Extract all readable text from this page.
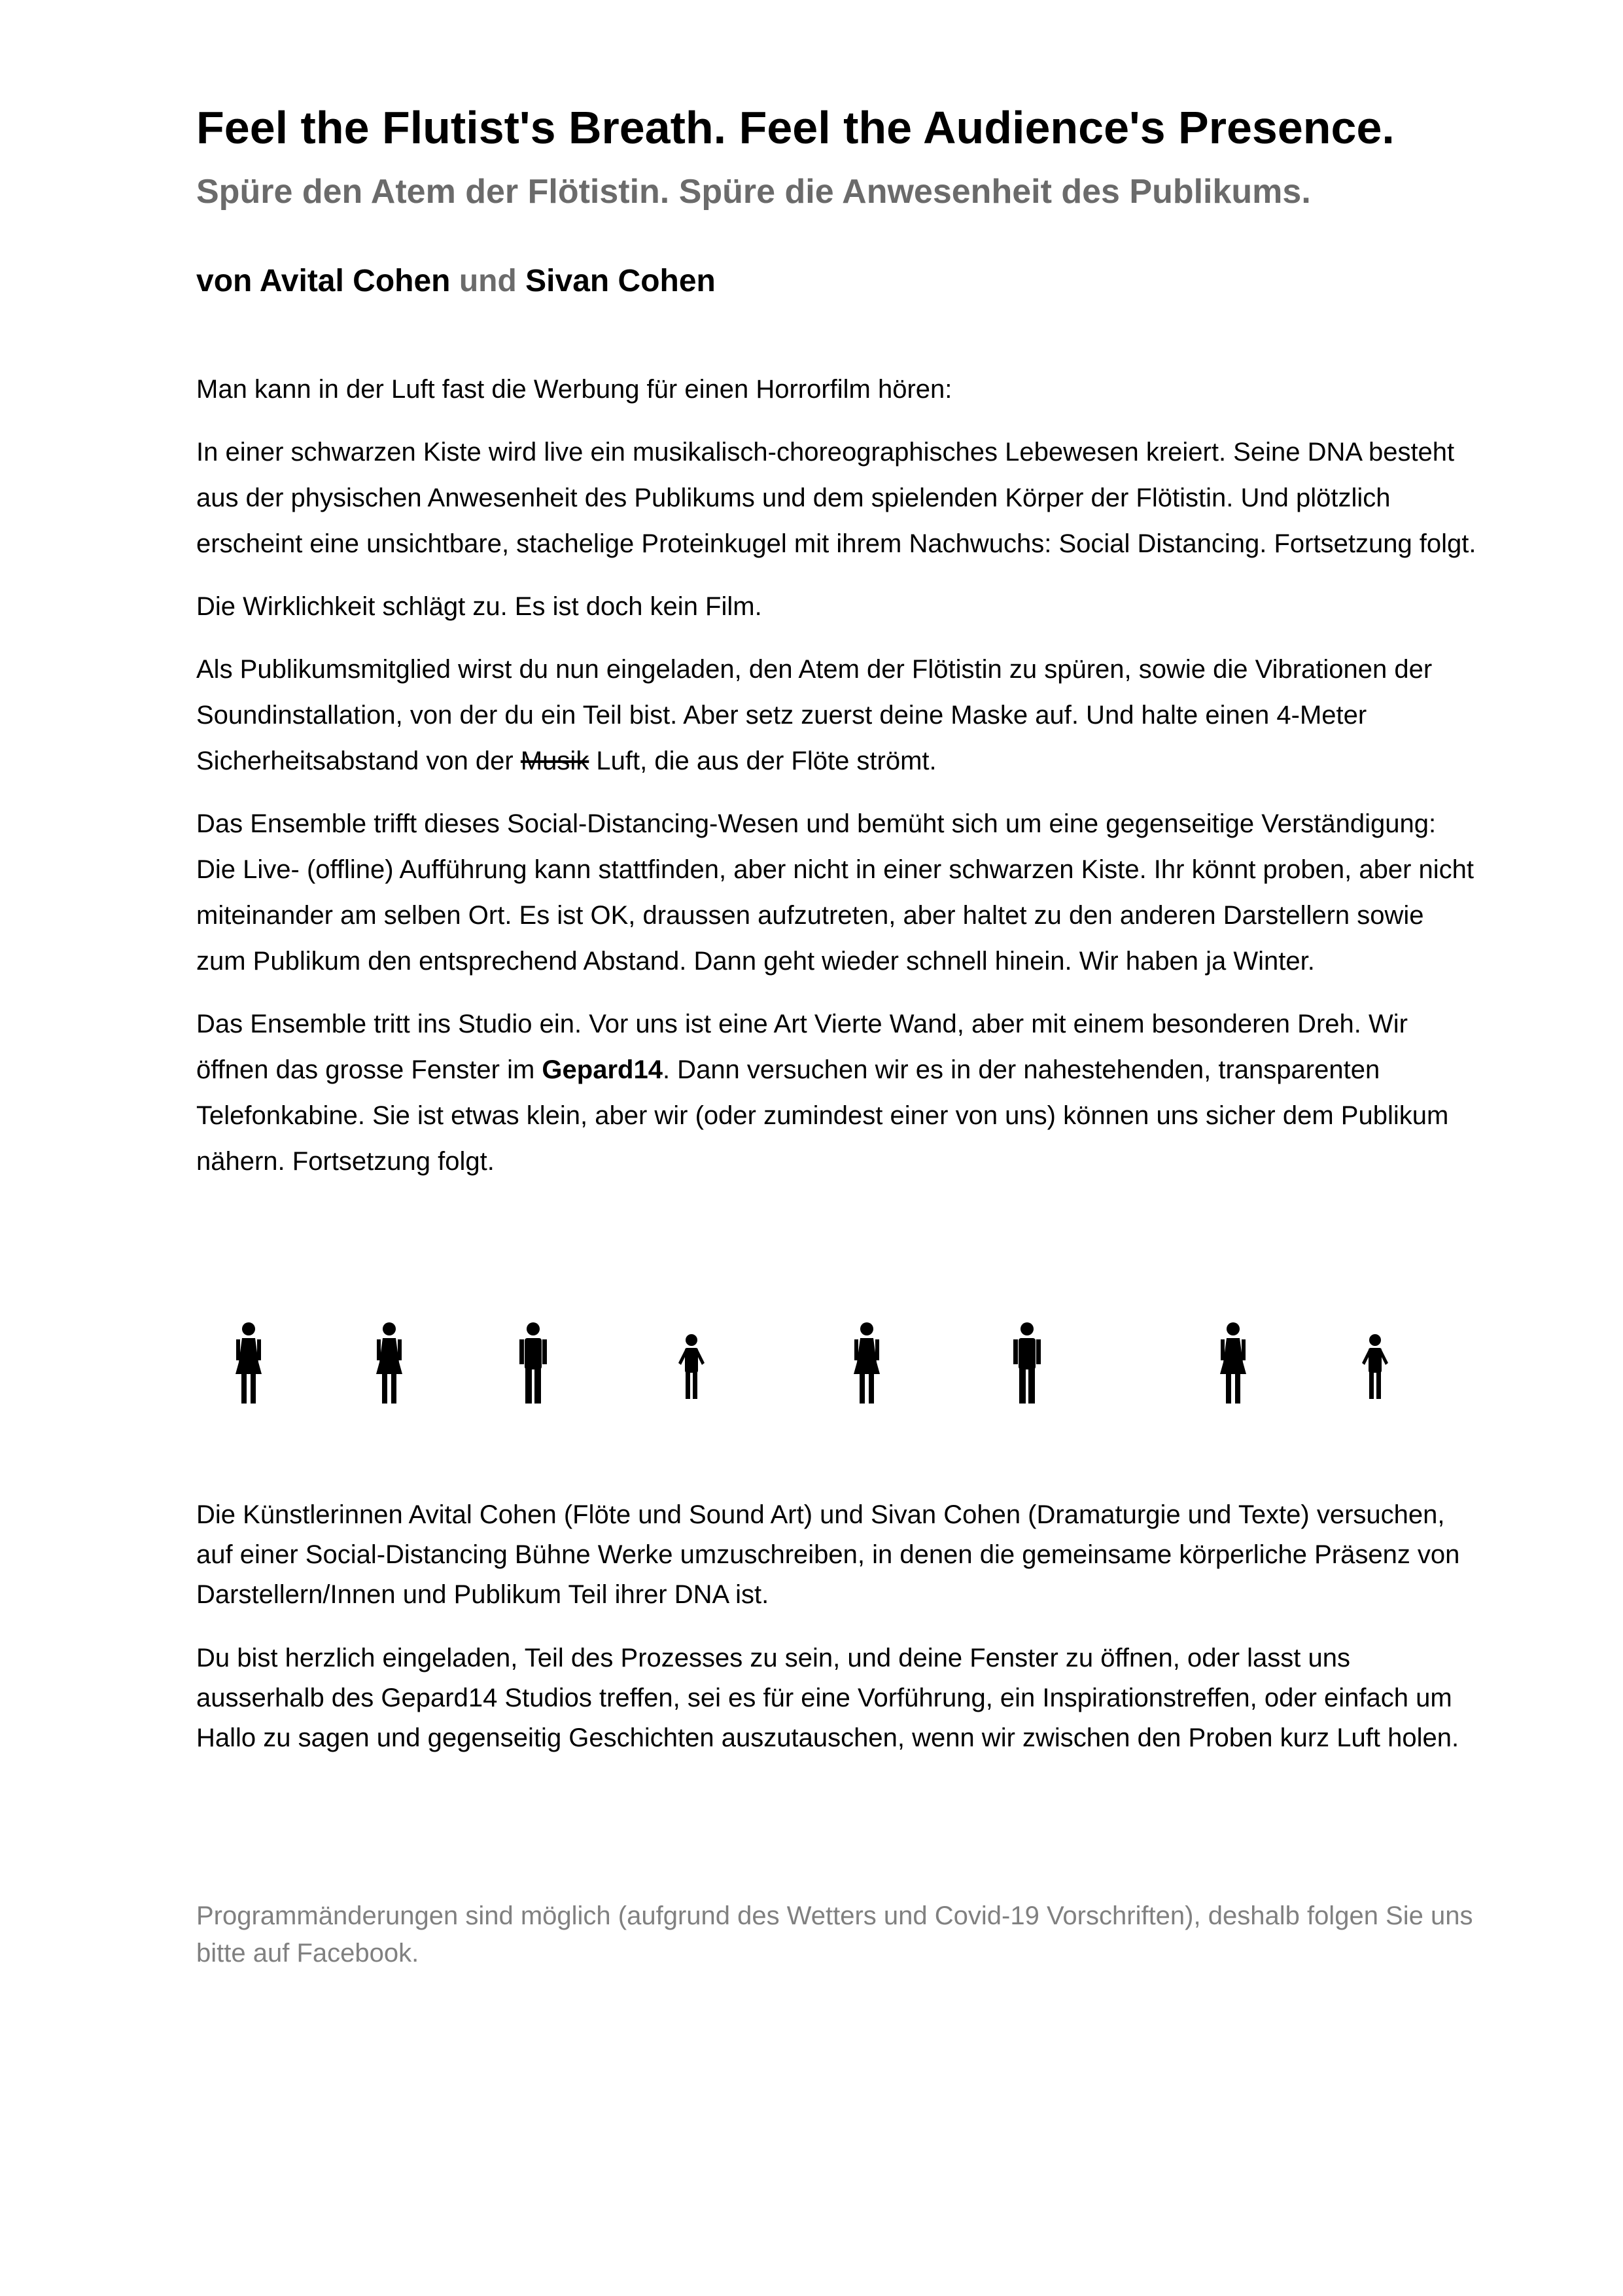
Feel the Flutist's Breath. Feel the Audience's Presence.
Spüre den Atem der Flötistin. Spüre die Anwesenheit des Publikums.
von Avital Cohen und Sivan Cohen

Man kann in der Luft fast die Werbung für einen Horrorfilm hören:

In einer schwarzen Kiste wird live ein musikalisch-choreographisches Lebewesen kreiert. Seine DNA besteht aus der physischen Anwesenheit des Publikums und dem spielenden Körper der Flötistin. Und plötzlich erscheint eine unsichtbare, stachelige Proteinkugel mit ihrem Nachwuchs: Social Distancing. Fortsetzung folgt.

Die Wirklichkeit schlägt zu. Es ist doch kein Film.

Als Publikumsmitglied wirst du nun eingeladen, den Atem der Flötistin zu spüren, sowie die Vibrationen der Soundinstallation, von der du ein Teil bist. Aber setz zuerst deine Maske auf. Und halte einen 4-Meter Sicherheitsabstand von der Musik Luft, die aus der Flöte strömt.

Das Ensemble trifft dieses Social-Distancing-Wesen und bemüht sich um eine gegenseitige Verständigung: Die Live- (offline) Aufführung kann stattfinden, aber nicht in einer schwarzen Kiste. Ihr könnt proben, aber nicht miteinander am selben Ort. Es ist OK, draussen aufzutreten, aber haltet zu den anderen Darstellern sowie zum Publikum den entsprechend Abstand. Dann geht wieder schnell hinein. Wir haben ja Winter.

Das Ensemble tritt ins Studio ein. Vor uns ist eine Art Vierte Wand, aber mit einem besonderen Dreh. Wir öffnen das grosse Fenster im Gepard14. Dann versuchen wir es in der nahestehenden, transparenten Telefonkabine. Sie ist etwas klein, aber wir (oder zumindest einer von uns) können uns sicher dem Publikum nähern. Fortsetzung folgt.

Die Künstlerinnen Avital Cohen (Flöte und Sound Art) und Sivan Cohen (Dramaturgie und Texte) versuchen, auf einer Social-Distancing Bühne Werke umzuschreiben, in denen die gemeinsame körperliche Präsenz von Darstellern/Innen und Publikum Teil ihrer DNA ist.

Du bist herzlich eingeladen, Teil des Prozesses zu sein, und deine Fenster zu öffnen, oder lasst uns ausserhalb des Gepard14 Studios treffen, sei es für eine Vorführung, ein Inspirationstreffen, oder einfach um Hallo zu sagen und gegenseitig Geschichten auszutauschen, wenn wir zwischen den Proben kurz Luft holen.

Programmänderungen sind möglich (aufgrund des Wetters und Covid-19 Vorschriften), deshalb folgen Sie uns bitte auf Facebook.
